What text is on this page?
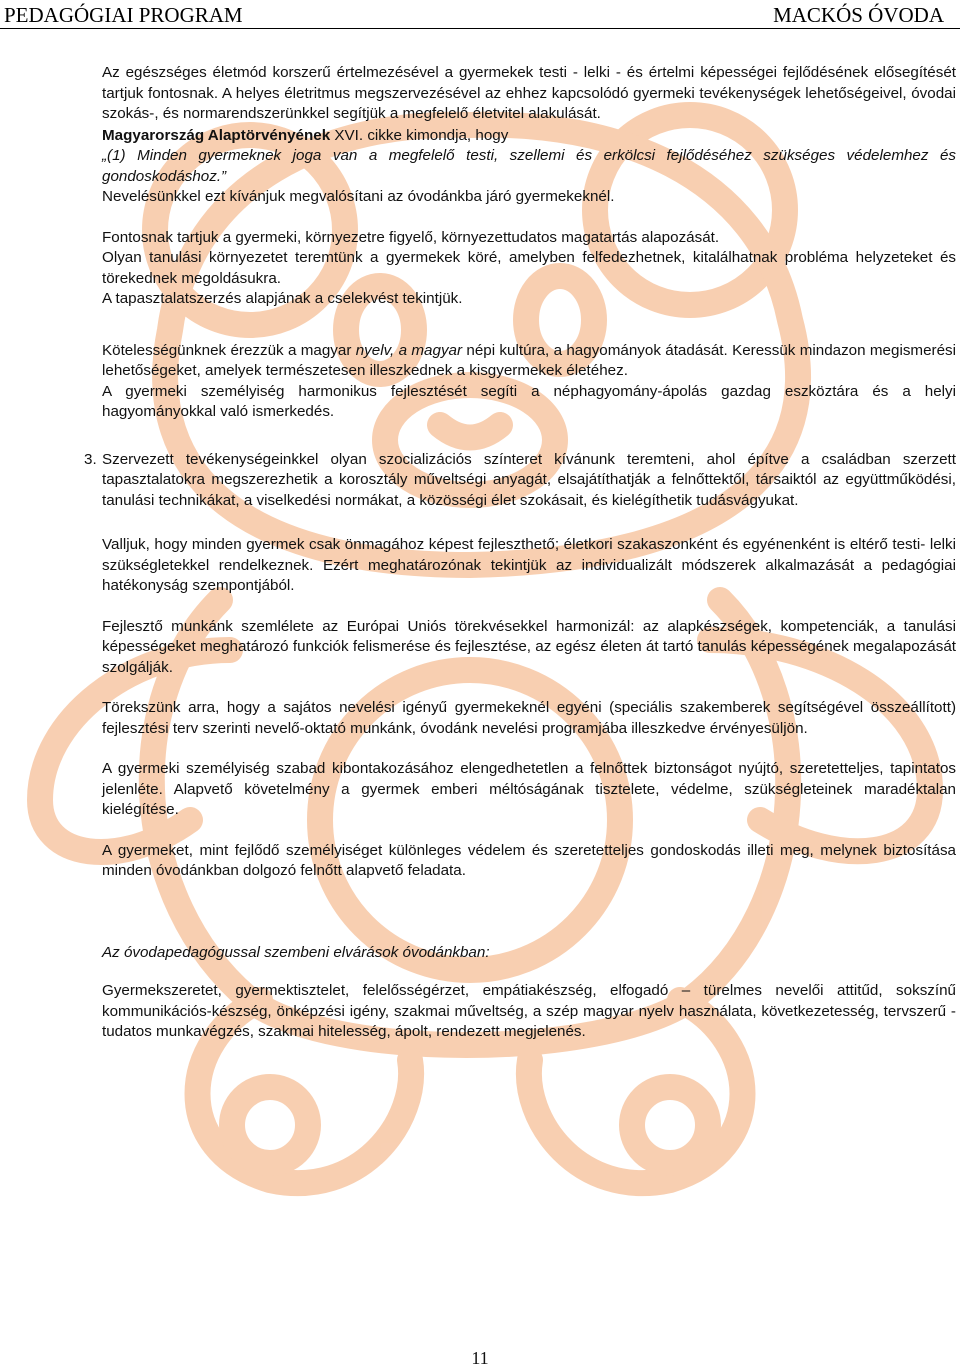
PEDAGÓGIAI PROGRAM	MACKÓS ÓVODA

Az egészséges életmód korszerű értelmezésével a gyermekek testi - lelki - és értelmi képességei fejlődésének elősegítését tartjuk fontosnak. A helyes életritmus megszervezésével az ehhez kapcsolódó gyermeki tevékenységek lehetőségeivel, óvodai szokás-, és normarendszerünkkel segítjük a megfelelő életvitel alakulását.

Magyarország Alaptörvényének XVI. cikke kimondja, hogy

„(1) Minden gyermeknek joga van a megfelelő testi, szellemi és erkölcsi fejlődéséhez szükséges védelemhez és gondoskodáshoz.”

Nevelésünkkel ezt kívánjuk megvalósítani az óvodánkba járó gyermekeknél.

Fontosnak tartjuk a gyermeki, környezetre figyelő, környezettudatos magatartás alapozását.

Olyan tanulási környezetet teremtünk a gyermekek köré, amelyben felfedezhetnek, kitalálhatnak probléma helyzeteket és törekednek megoldásukra.

A tapasztalatszerzés alapjának a cselekvést tekintjük.

Kötelességünknek érezzük a magyar nyelv, a magyar népi kultúra, a hagyományok átadását. Keressük mindazon megismerési lehetőségeket, amelyek természetesen illeszkednek a kisgyermekek életéhez.

A gyermeki személyiség harmonikus fejlesztését segíti a néphagyomány-ápolás gazdag eszköztára és a helyi hagyományokkal való ismerkedés.

3. Szervezett tevékenységeinkkel olyan szocializációs színteret kívánunk teremteni, ahol építve a családban szerzett tapasztalatokra megszerezhetik a korosztály műveltségi anyagát, elsajátíthatják a felnőttektől, társaiktól az együttműködési, tanulási technikákat, a viselkedési normákat, a közösségi élet szokásait, és kielégíthetik tudásvágyukat.

Valljuk, hogy minden gyermek csak önmagához képest fejleszthető; életkori szakaszonként és egyénenként is eltérő testi- lelki szükségletekkel rendelkeznek. Ezért meghatározónak tekintjük az individualizált módszerek alkalmazását a pedagógiai hatékonyság szempontjából.

Fejlesztő munkánk szemlélete az Európai Uniós törekvésekkel harmonizál: az alapkészségek, kompetenciák, a tanulási képességeket meghatározó funkciók felismerése és fejlesztése, az egész életen át tartó tanulás képességének megalapozását szolgálják.

Törekszünk arra, hogy a sajátos nevelési igényű gyermekeknél egyéni (speciális szakemberek segítségével összeállított) fejlesztési terv szerinti nevelő-oktató munkánk, óvodánk nevelési programjába illeszkedve érvényesüljön.

A gyermeki személyiség szabad kibontakozásához elengedhetetlen a felnőttek biztonságot nyújtó, szeretetteljes, tapintatos jelenléte. Alapvető követelmény a gyermek emberi méltóságának tisztelete, védelme, szükségleteinek maradéktalan kielégítése.

A gyermeket, mint fejlődő személyiséget különleges védelem és szeretetteljes gondoskodás illeti meg, melynek biztosítása minden óvodánkban dolgozó felnőtt alapvető feladata.

Az óvodapedagógussal szembeni elvárások óvodánkban:

Gyermekszeretet, gyermektisztelet, felelősségérzet, empátiakészség, elfogadó – türelmes nevelői attitűd, sokszínű kommunikációs-készség, önképzési igény, szakmai műveltség, a szép magyar nyelv használata, következetesség, tervszerű - tudatos munkavégzés, szakmai hitelesség, ápolt, rendezett megjelenés.

11
